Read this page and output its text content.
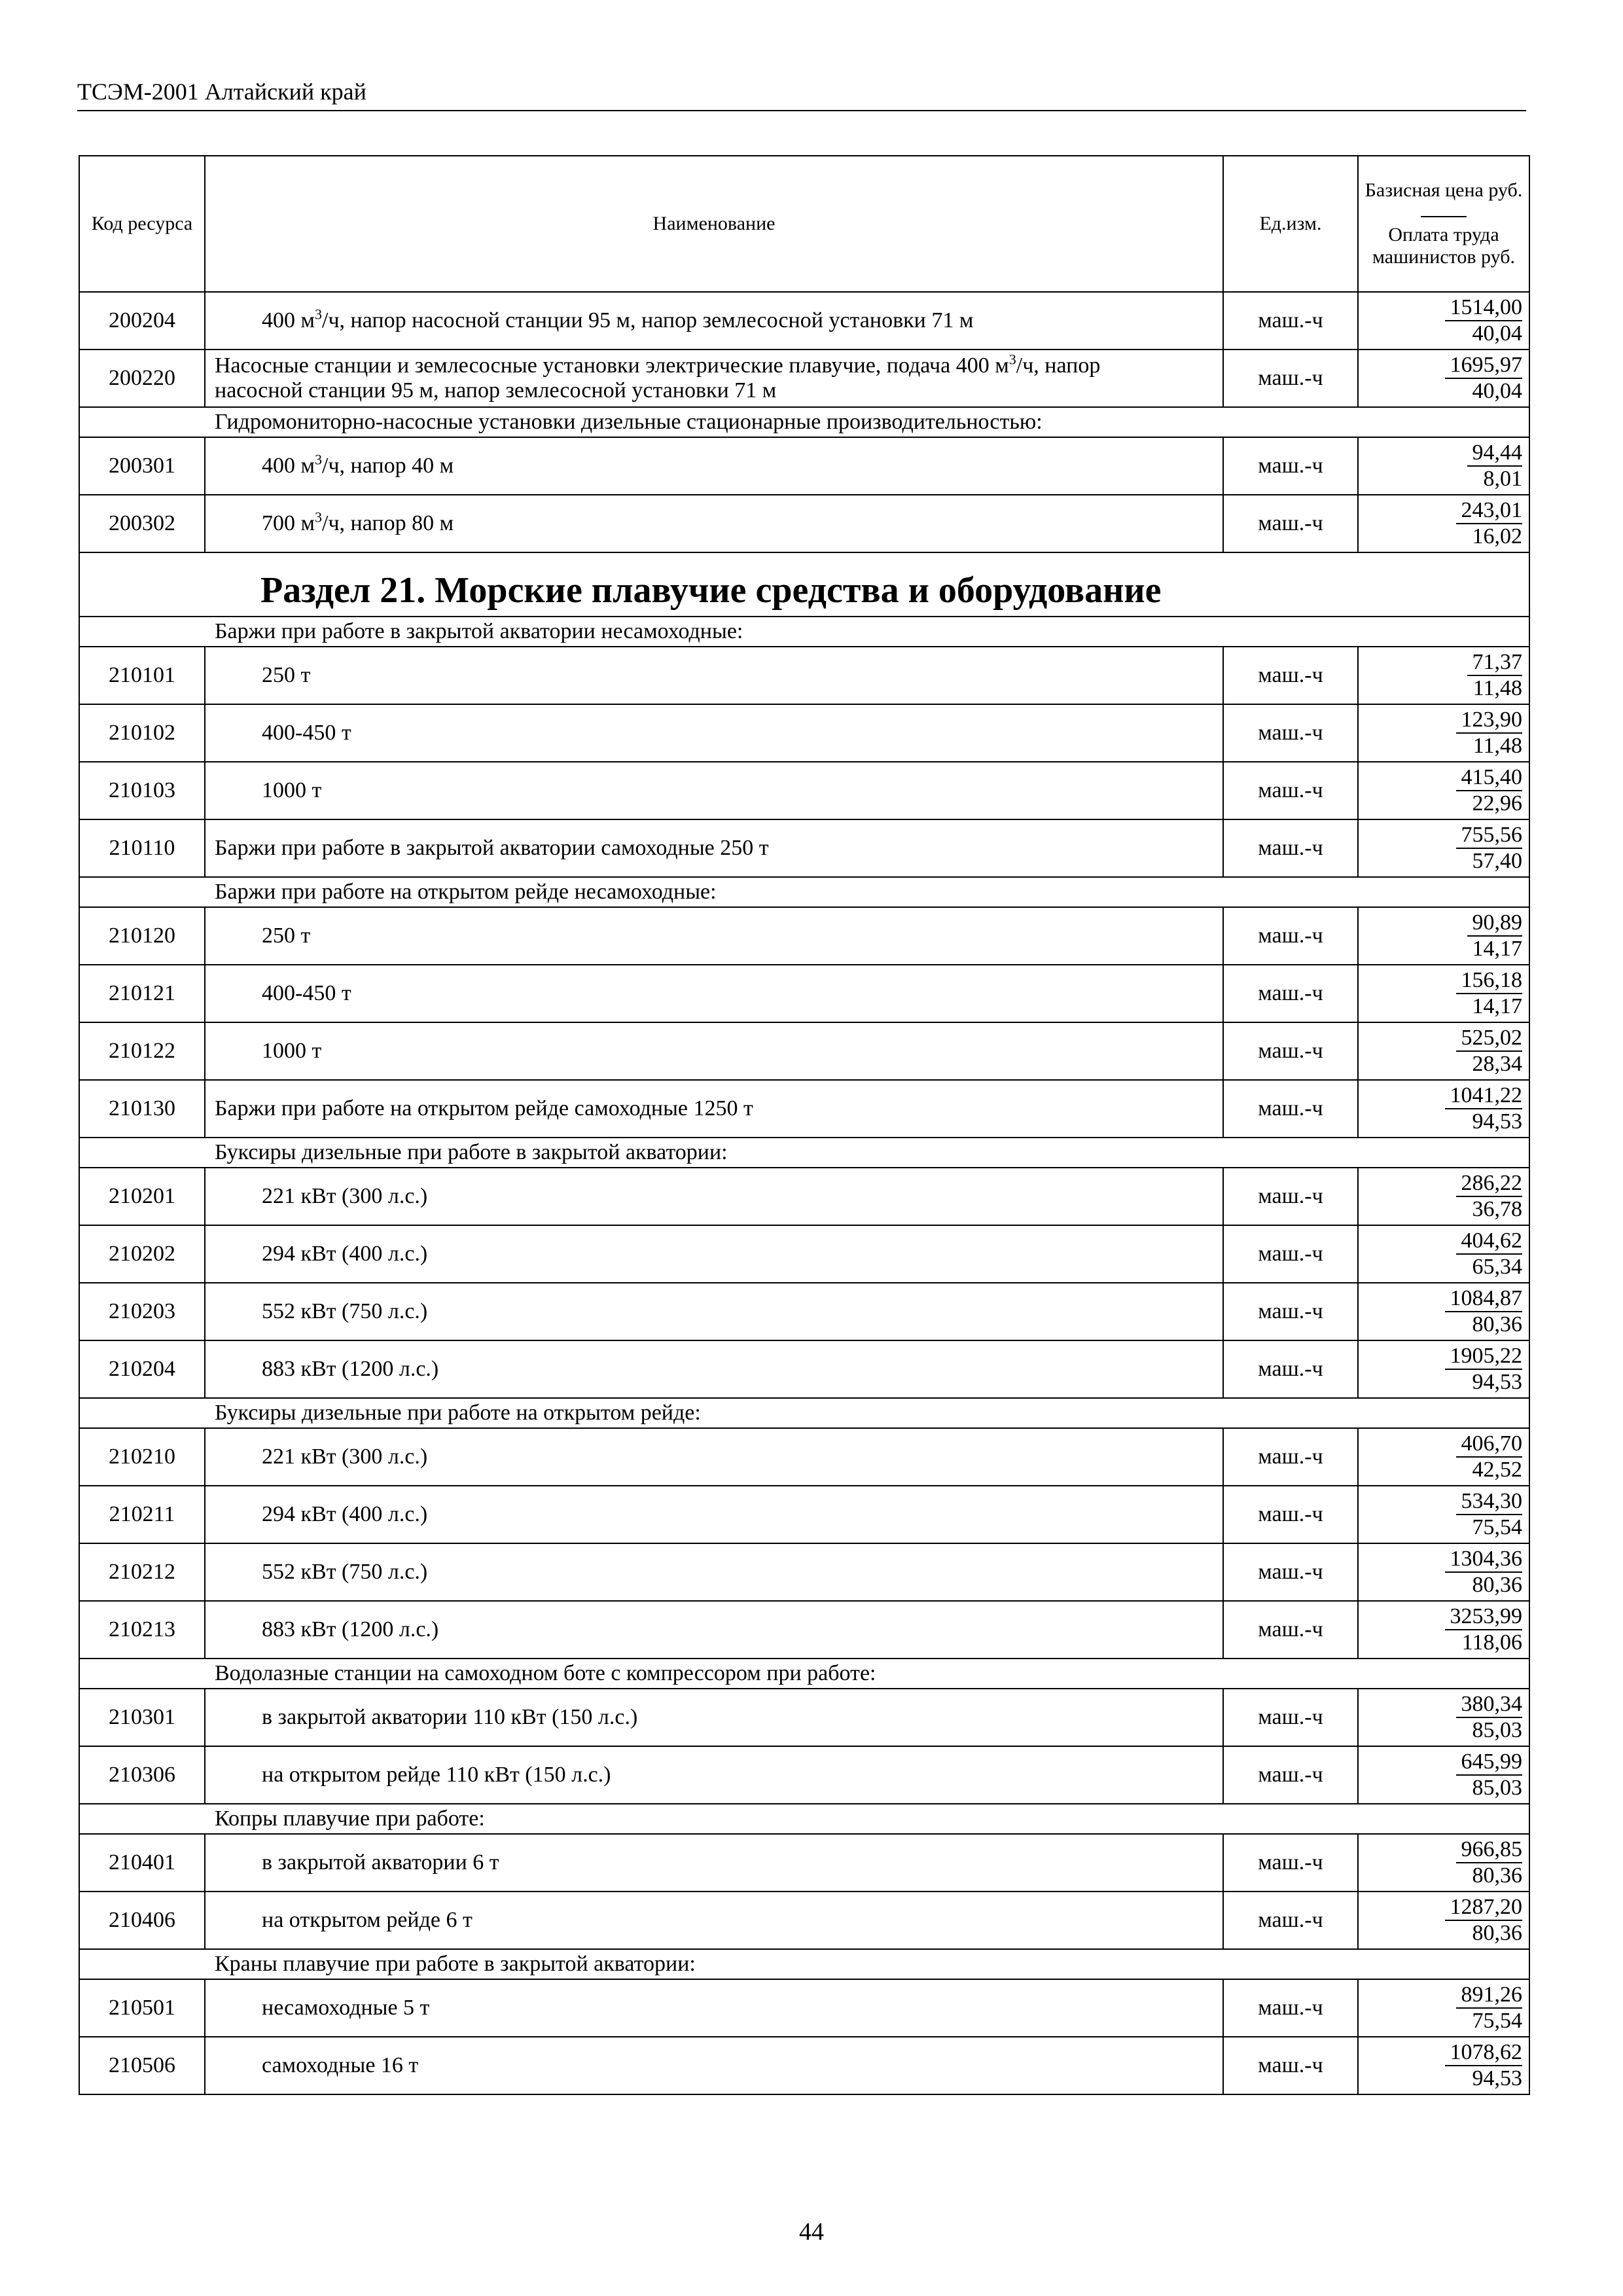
ТСЭМ-2001 Алтайский край
Код ресурса	Наименование	Ед.изм.	Базисная цена руб.

Оплата труда машинистов руб.
200204	400 $м^3/ч$, напор насосной станции 95 м, напор землесосной установки 71 м	маш.-ч	$\frac{1514,00}{40,04}$

200220	Насосные станции и землесосные установки электрические плавучие, подача 400 $м^3/ч$, напор
насосной станции 95 м, напор землесосной установки 71 м	маш.-ч	$\frac{1695,97}{40,04}$

Гидромониторно-насосные установки дизельные стационарные производительностью:			
200301	400 $м^3/ч$, напор 40 м	маш.-ч	$\frac{94,44}{8,01}$

200302	700 $м^3/ч$, напор 80 м	маш.-ч	$\frac{243,01}{16,02}$

Раздел 21. Морские плавучие средства и оборудование			

Баржи при работе в закрытой акватории несамоходные:			
210101	250 т	маш.-ч	$\frac{71,37}{11,48}$

210102	400-450 т	маш.-ч	$\frac{123,90}{11,48}$

210103	1000 т	маш.-ч	$\frac{415,40}{22,96}$

210110	Баржи при работе в закрытой акватории самоходные 250 т	маш.-ч	$\frac{755,56}{57,40}$

Баржи при работе на открытом рейде несамоходные:			
210120	250 т	маш.-ч	$\frac{90,89}{14,17}$

210121	400-450 т	маш.-ч	$\frac{156,18}{14,17}$

210122	1000 т	маш.-ч	$\frac{525,02}{28,34}$

210130	Баржи при работе на открытом рейде самоходные 1250 т	маш.-ч	$\frac{1041,22}{94,53}$

Буксиры дизельные при работе в закрытой акватории:			
210201	221 кВт (300 л.с.)	маш.-ч	$\frac{286,22}{36,78}$

210202	294 кВт (400 л.с.)	маш.-ч	$\frac{404,62}{65,34}$

210203	552 кВт (750 л.с.)	маш.-ч	$\frac{1084,87}{80,36}$

210204	883 кВт (1200 л.с.)	маш.-ч	$\frac{1905,22}{94,53}$

Буксиры дизельные при работе на открытом рейде:			
210210	221 кВт (300 л.с.)	маш.-ч	$\frac{406,70}{42,52}$

210211	294 кВт (400 л.с.)	маш.-ч	$\frac{534,30}{75,54}$

210212	552 кВт (750 л.с.)	маш.-ч	$\frac{1304,36}{80,36}$

210213	883 кВт (1200 л.с.)	маш.-ч	$\frac{3253,99}{118,06}$

Водолазные станции на самоходном боте с компрессором при работе:			
210301	в закрытой акватории 110 кВт (150 л.с.)	маш.-ч	$\frac{380,34}{85,03}$

210306	на открытом рейде 110 кВт (150 л.с.)	маш.-ч	$\frac{645,99}{85,03}$

Копры плавучие при работе:			
210401	в закрытой акватории 6 т	маш.-ч	$\frac{966,85}{80,36}$

210406	на открытом рейде 6 т	маш.-ч	$\frac{1287,20}{80,36}$

Краны плавучие при работе в закрытой акватории:			
210501	несамоходные 5 т	маш.-ч	$\frac{891,26}{75,54}$

210506	самоходные 16 т	маш.-ч	$\frac{1078,62}{94,53}$
44
